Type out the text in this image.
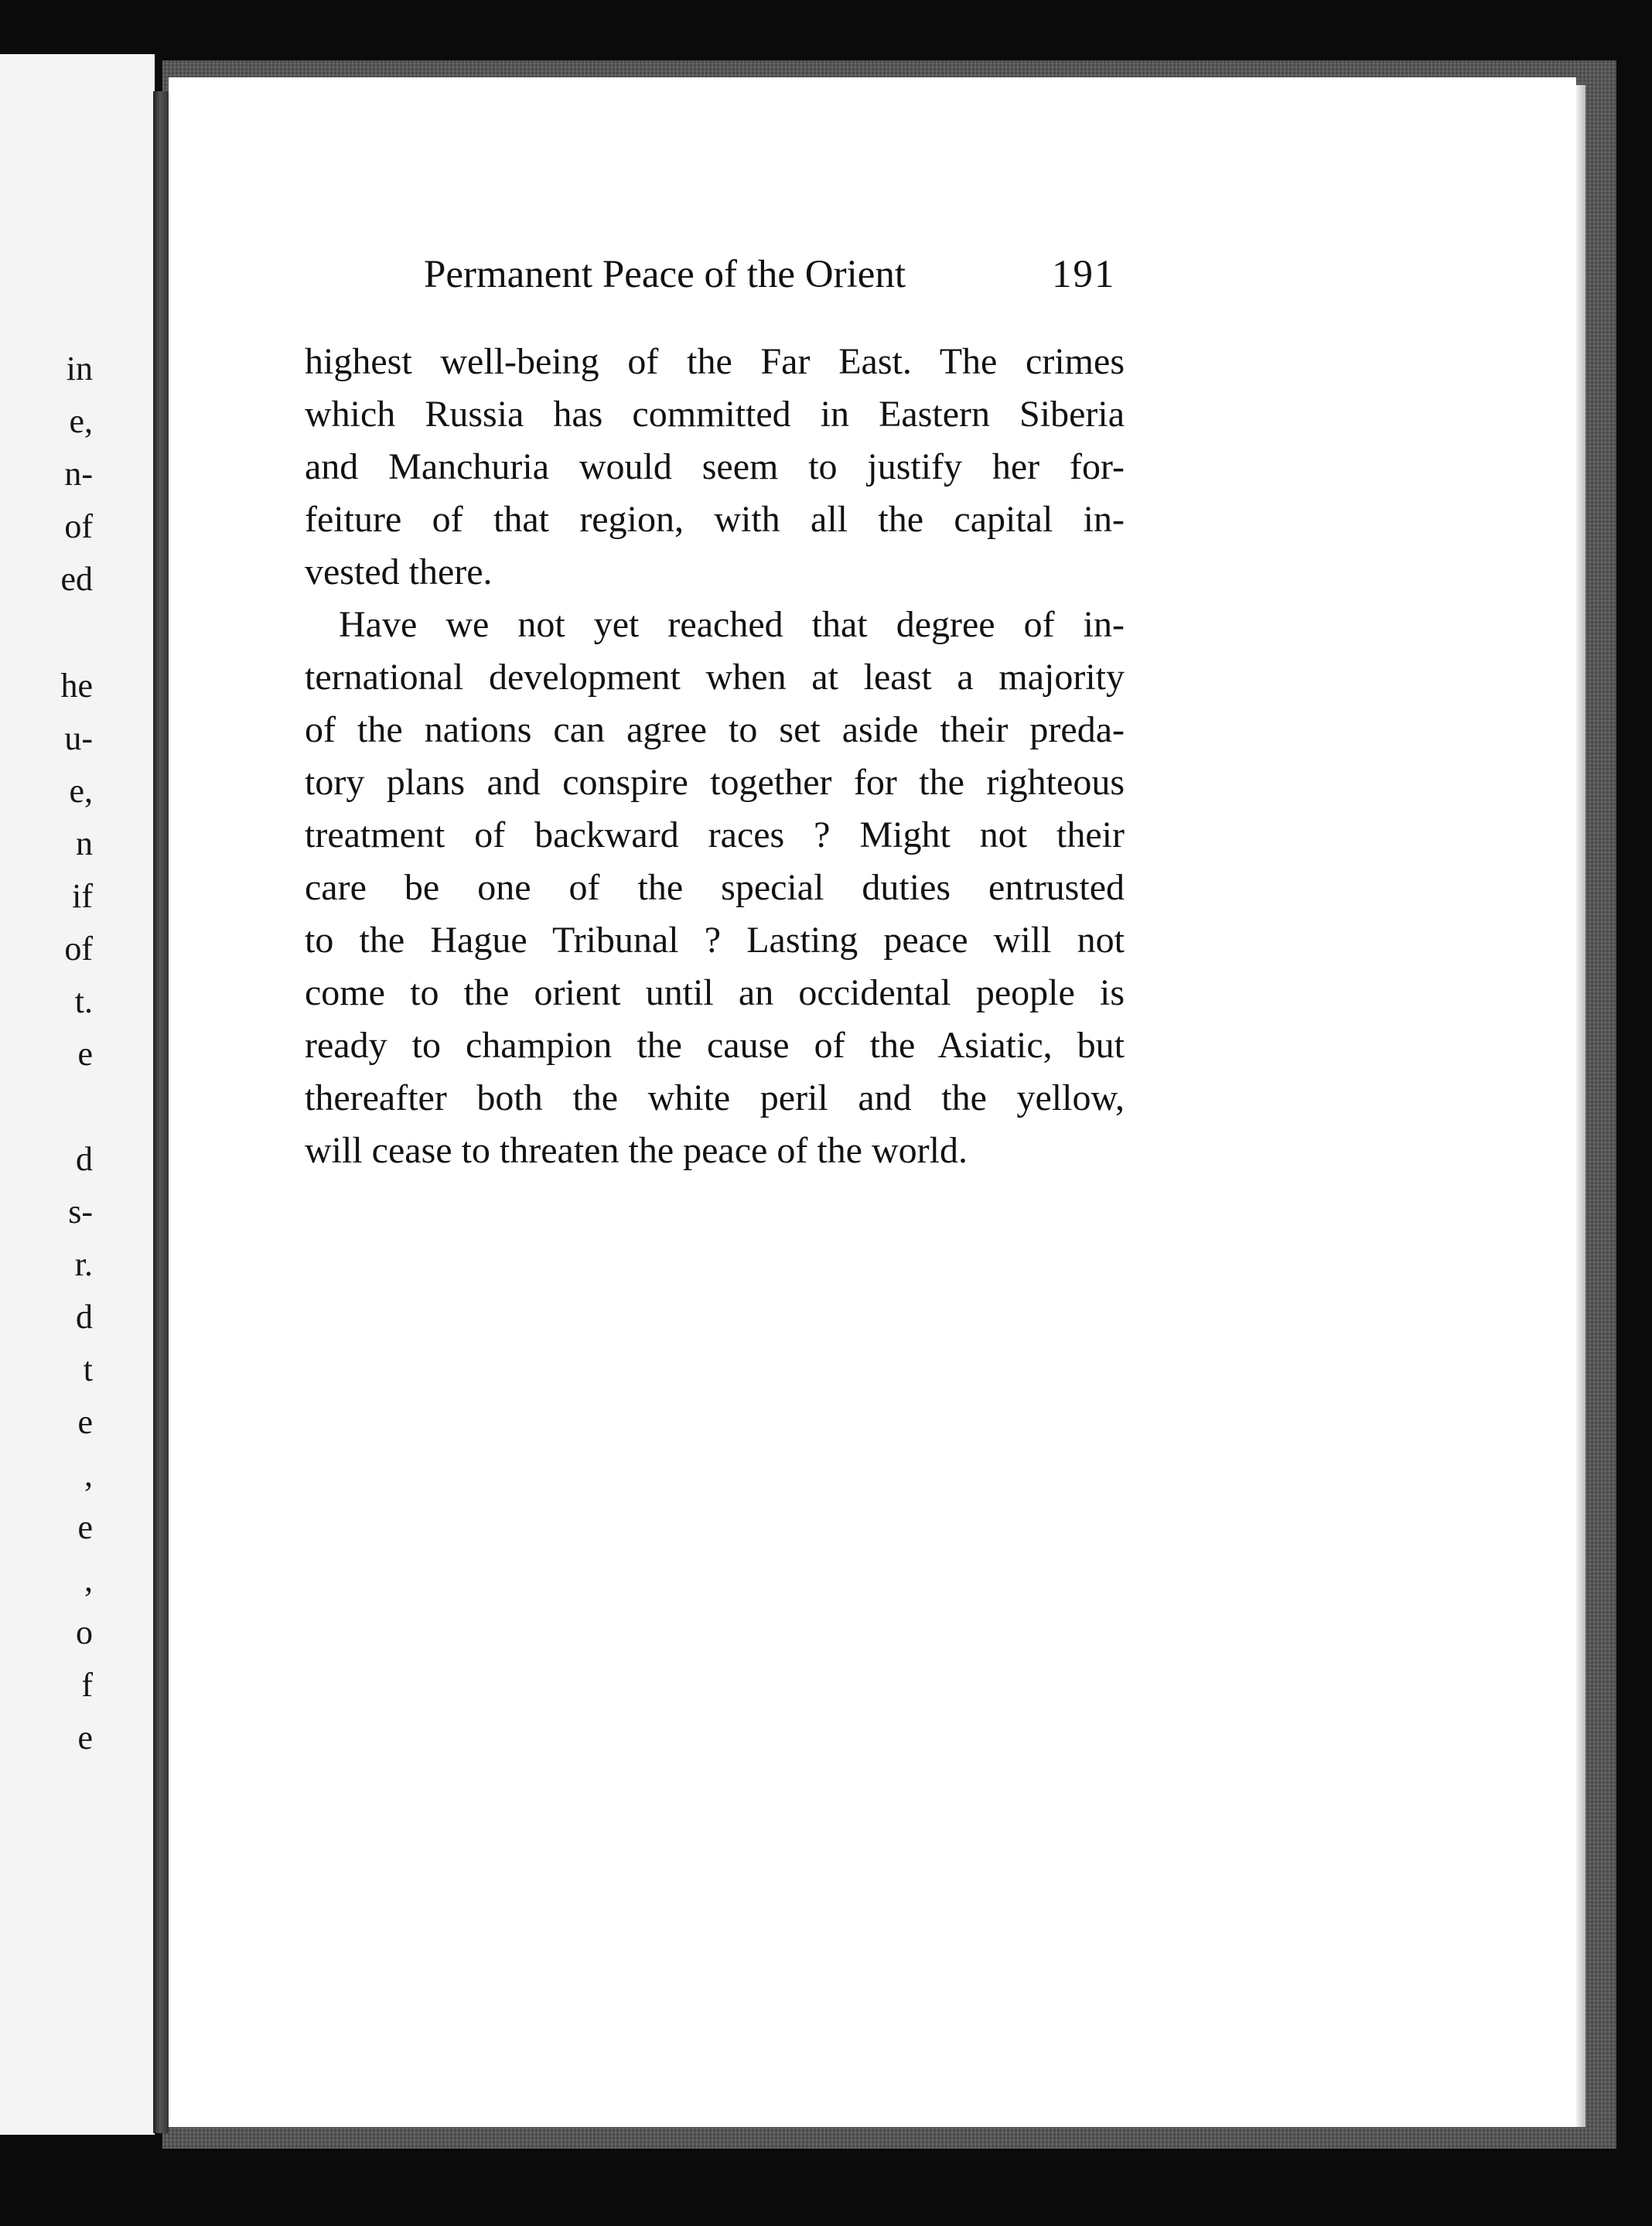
in
e,
n-
of
ed
he
u-
e,
n
if
of
t.
e
d
s-
r.
d
t
e
,
e
,
o
f
e
Permanent Peace of the Orient	191
highest well-being of the Far East. The crimes
which Russia has committed in Eastern Siberia
and Manchuria would seem to justify her for-
feiture of that region, with all the capital in-
vested there.
Have we not yet reached that degree of in-
ternational development when at least a majority
of the nations can agree to set aside their preda-
tory plans and conspire together for the righteous
treatment of backward races ? Might not their
care be one of the special duties entrusted
to the Hague Tribunal ? Lasting peace will not
come to the orient until an occidental people is
ready to champion the cause of the Asiatic, but
thereafter both the white peril and the yellow,
will cease to threaten the peace of the world.
